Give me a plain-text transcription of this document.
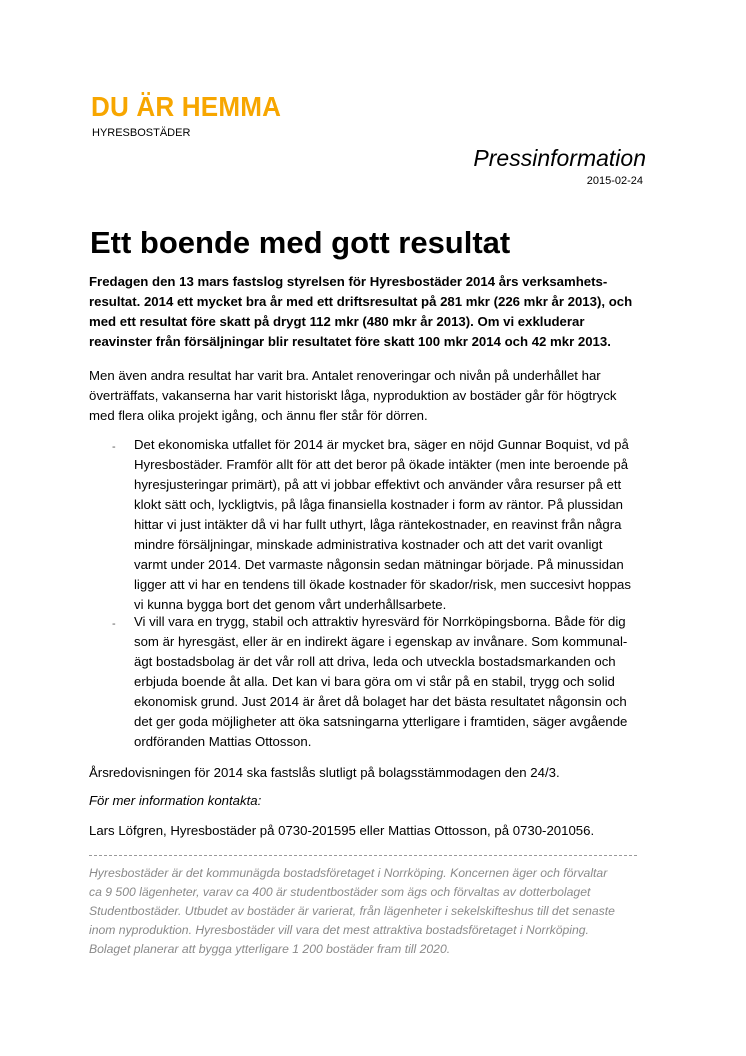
DU ÄR HEMMA
HYRESBOSTÄDER
Pressinformation
2015-02-24
Ett boende med gott resultat
Fredagen den 13 mars fastslog styrelsen för Hyresbostäder 2014 års verksamhets-
resultat. 2014 ett mycket bra år med ett driftsresultat på 281 mkr (226 mkr år 2013), och
med ett resultat före skatt på drygt 112 mkr (480 mkr år 2013). Om vi exkluderar
reavinster från försäljningar blir resultatet före skatt 100 mkr 2014 och 42 mkr 2013.
Men även andra resultat har varit bra. Antalet renoveringar och nivån på underhållet har
överträffats, vakanserna har varit historiskt låga, nyproduktion av bostäder går för högtryck
med flera olika projekt igång, och ännu fler står för dörren.
- Det ekonomiska utfallet för 2014 är mycket bra, säger en nöjd Gunnar Boquist, vd på
Hyresbostäder. Framför allt för att det beror på ökade intäkter (men inte beroende på
hyresjusteringar primärt), på att vi jobbar effektivt och använder våra resurser på ett
klokt sätt och, lyckligtvis, på låga finansiella kostnader i form av räntor. På plussidan
hittar vi just intäkter då vi har fullt uthyrt, låga räntekostnader, en reavinst från några
mindre försäljningar, minskade administrativa kostnader och att det varit ovanligt
varmt under 2014. Det varmaste någonsin sedan mätningar började. På minussidan
ligger att vi har en tendens till ökade kostnader för skador/risk, men succesivt hoppas
vi kunna bygga bort det genom vårt underhållsarbete.
- Vi vill vara en trygg, stabil och attraktiv hyresvärd för Norrköpingsborna. Både för dig
som är hyresgäst, eller är en indirekt ägare i egenskap av invånare. Som kommunal-
ägt bostadsbolag är det vår roll att driva, leda och utveckla bostadsmarkanden och
erbjuda boende åt alla. Det kan vi bara göra om vi står på en stabil, trygg och solid
ekonomisk grund. Just 2014 är året då bolaget har det bästa resultatet någonsin och
det ger goda möjligheter att öka satsningarna ytterligare i framtiden, säger avgående
ordföranden Mattias Ottosson.
Årsredovisningen för 2014 ska fastslås slutligt på bolagsstämmodagen den 24/3.
För mer information kontakta:
Lars Löfgren, Hyresbostäder på 0730-201595 eller Mattias Ottosson, på 0730-201056.
Hyresbostäder är det kommunägda bostadsföretaget i Norrköping. Koncernen äger och förvaltar
ca 9 500 lägenheter, varav ca 400 är studentbostäder som ägs och förvaltas av dotterbolaget
Studentbostäder. Utbudet av bostäder är varierat, från lägenheter i sekelskifteshus till det senaste
inom nyproduktion. Hyresbostäder vill vara det mest attraktiva bostadsföretaget i Norrköping.
Bolaget planerar att bygga ytterligare 1 200 bostäder fram till 2020.
